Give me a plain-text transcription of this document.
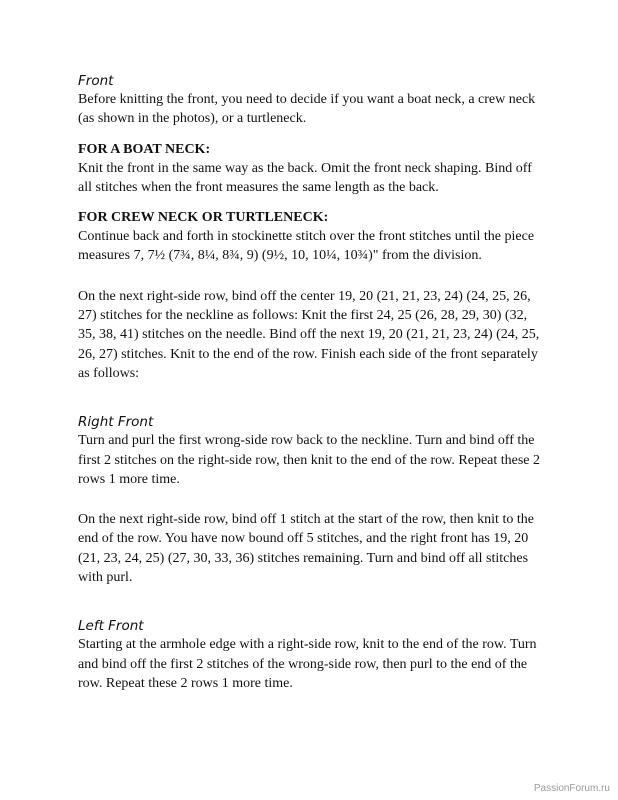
Front

Before knitting the front, you need to decide if you want a boat neck, a crew neck (as shown in the photos), or a turtleneck.

FOR A BOAT NECK:

Knit the front in the same way as the back. Omit the front neck shaping. Bind off all stitches when the front measures the same length as the back.

FOR CREW NECK OR TURTLENECK:

Continue back and forth in stockinette stitch over the front stitches until the piece measures 7, 7½ (7¾, 8¼, 8¾, 9) (9½, 10, 10¼, 10¾)" from the division.

On the next right-side row, bind off the center 19, 20 (21, 21, 23, 24) (24, 25, 26, 27) stitches for the neckline as follows: Knit the first 24, 25 (26, 28, 29, 30) (32, 35, 38, 41) stitches on the needle. Bind off the next 19, 20 (21, 21, 23, 24) (24, 25, 26, 27) stitches. Knit to the end of the row. Finish each side of the front separately as follows:

Right Front

Turn and purl the first wrong-side row back to the neckline. Turn and bind off the first 2 stitches on the right-side row, then knit to the end of the row. Repeat these 2 rows 1 more time.

On the next right-side row, bind off 1 stitch at the start of the row, then knit to the end of the row. You have now bound off 5 stitches, and the right front has 19, 20 (21, 23, 24, 25) (27, 30, 33, 36) stitches remaining. Turn and bind off all stitches with purl.

Left Front

Starting at the armhole edge with a right-side row, knit to the end of the row. Turn and bind off the first 2 stitches of the wrong-side row, then purl to the end of the row. Repeat these 2 rows 1 more time.

PassionForum.ru
